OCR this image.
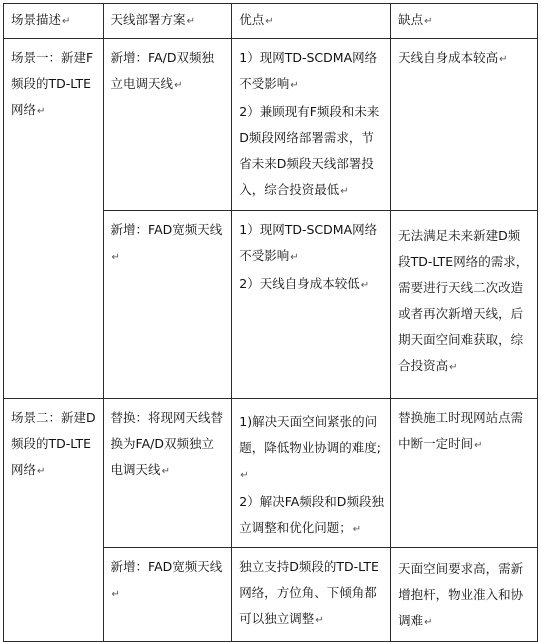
场景描述↵	天线部署方案↵	优点↵	缺点↵

场景一：新建F频段的TD-LTE网络↵	新增：FA/D双频独立电调天线↵	1）现网TD-SCDMA网络不受影响↵
2）兼顾现有F频段和未来D频段网络部署需求，节省未来D频段天线部署投入，综合投资最低↵	天线自身成本较高↵

	新增：FAD宽频天线↵	1）现网TD-SCDMA网络不受影响↵
2）天线自身成本较低↵	无法满足未来新建D频段TD-LTE网络的需求，需要进行天线二次改造或者再次新增天线，后期天面空间难获取，综合投资高↵

场景二：新建D频段的TD-LTE网络↵	替换：将现网天线替换为FA/D双频独立电调天线↵	1)解决天面空间紧张的问题，降低物业协调的难度;↵
2）解决FA频段和D频段独立调整和优化问题；↵	替换施工时现网站点需中断一定时间↵

	新增：FAD宽频天线↵	独立支持D频段的TD-LTE网络，方位角、下倾角都可以独立调整↵	天面空间要求高，需新增抱杆，物业准入和协调难↵
